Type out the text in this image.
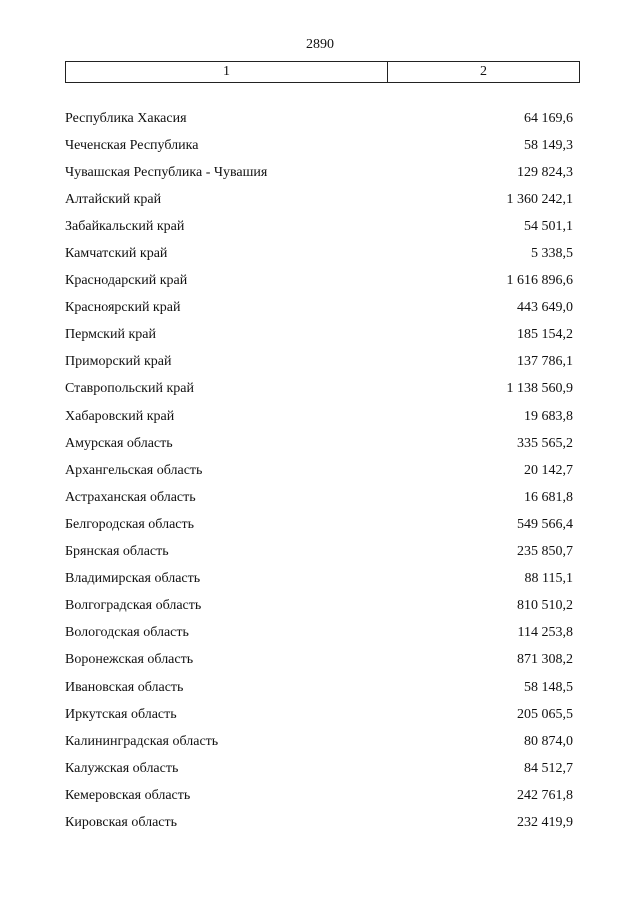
2890
1	2
Республика Хакасия	64 169,6
Чеченская Республика	58 149,3
Чувашская Республика - Чувашия	129 824,3
Алтайский край	1 360 242,1
Забайкальский край	54 501,1
Камчатский край	5 338,5
Краснодарский край	1 616 896,6
Красноярский край	443 649,0
Пермский край	185 154,2
Приморский край	137 786,1
Ставропольский край	1 138 560,9
Хабаровский край	19 683,8
Амурская область	335 565,2
Архангельская область	20 142,7
Астраханская область	16 681,8
Белгородская область	549 566,4
Брянская область	235 850,7
Владимирская область	88 115,1
Волгоградская область	810 510,2
Вологодская область	114 253,8
Воронежская область	871 308,2
Ивановская область	58 148,5
Иркутская область	205 065,5
Калининградская область	80 874,0
Калужская область	84 512,7
Кемеровская область	242 761,8
Кировская область	232 419,9
